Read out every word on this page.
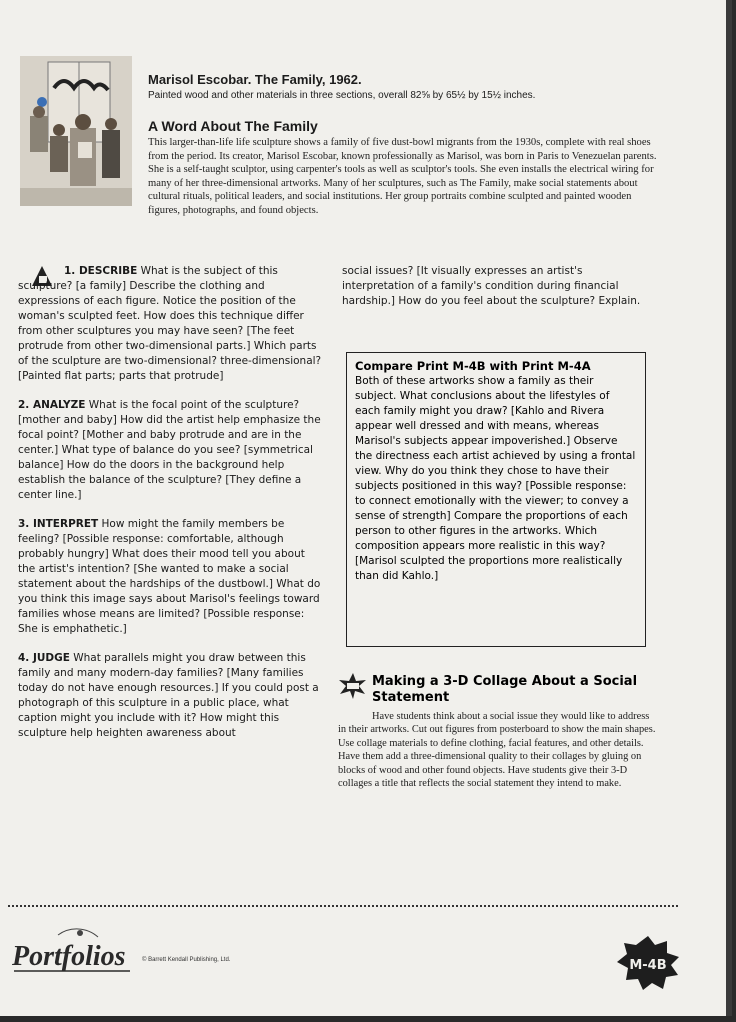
Marisol Escobar. The Family, 1962.

Painted wood and other materials in three sections, overall 82⅝ by 65½ by 15½ inches.

A Word About The Family
This larger-than-life life sculpture shows a family of five dust-bowl migrants from the 1930s, complete with real shoes from the period. Its creator, Marisol Escobar, known professionally as Marisol, was born in Paris to Venezuelan parents. She is a self-taught sculptor, using carpenter's tools as well as sculptor's tools. She even installs the electrical wiring for many of her three-dimensional artworks. Many of her sculptures, such as The Family, make social statements about cultural rituals, political leaders, and social institutions. Her group portraits combine sculpted and painted wooden figures, photographs, and found objects.

1. DESCRIBE What is the subject of this sculpture? [a family] Describe the clothing and expressions of each figure. Notice the position of the woman's sculpted feet. How does this technique differ from other sculptures you may have seen? [The feet protrude from other two-dimensional parts.] Which parts of the sculpture are two-dimensional? three-dimensional? [Painted flat parts; parts that protrude]

2. ANALYZE What is the focal point of the sculpture? [mother and baby] How did the artist help emphasize the focal point? [Mother and baby protrude and are in the center.] What type of balance do you see? [symmetrical balance] How do the doors in the background help establish the balance of the sculpture? [They define a center line.]

3. INTERPRET How might the family members be feeling? [Possible response: comfortable, although probably hungry] What does their mood tell you about the artist's intention? [She wanted to make a social statement about the hardships of the dustbowl.] What do you think this image says about Marisol's feelings toward families whose means are limited? [Possible response: She is emphathetic.]

4. JUDGE What parallels might you draw between this family and many modern-day families? [Many families today do not have enough resources.] If you could post a photograph of this sculpture in a public place, what caption might you include with it? How might this sculpture help heighten awareness about

social issues? [It visually expresses an artist's interpretation of a family's condition during financial hardship.] How do you feel about the sculpture? Explain.
Compare Print M-4B with Print M-4A
Both of these artworks show a family as their subject. What conclusions about the lifestyles of each family might you draw? [Kahlo and Rivera appear well dressed and with means, whereas Marisol's subjects appear impoverished.] Observe the directness each artist achieved by using a frontal view. Why do you think they chose to have their subjects positioned in this way? [Possible response: to connect emotionally with the viewer; to convey a sense of strength] Compare the proportions of each person to other figures in the artworks. Which composition appears more realistic in this way? [Marisol sculpted the proportions more realistically than did Kahlo.]
Making a 3-D Collage About a Social Statement
Have students think about a social issue they would like to address in their artworks. Cut out figures from posterboard to show the main shapes. Use collage materials to define clothing, facial features, and other details. Have them add a three-dimensional quality to their collages by gluing on blocks of wood and other found objects. Have students give their 3-D collages a title that reflects the social statement they intend to make.
Portfolios	© Barrett Kendall Publishing, Ltd.	M-4B
